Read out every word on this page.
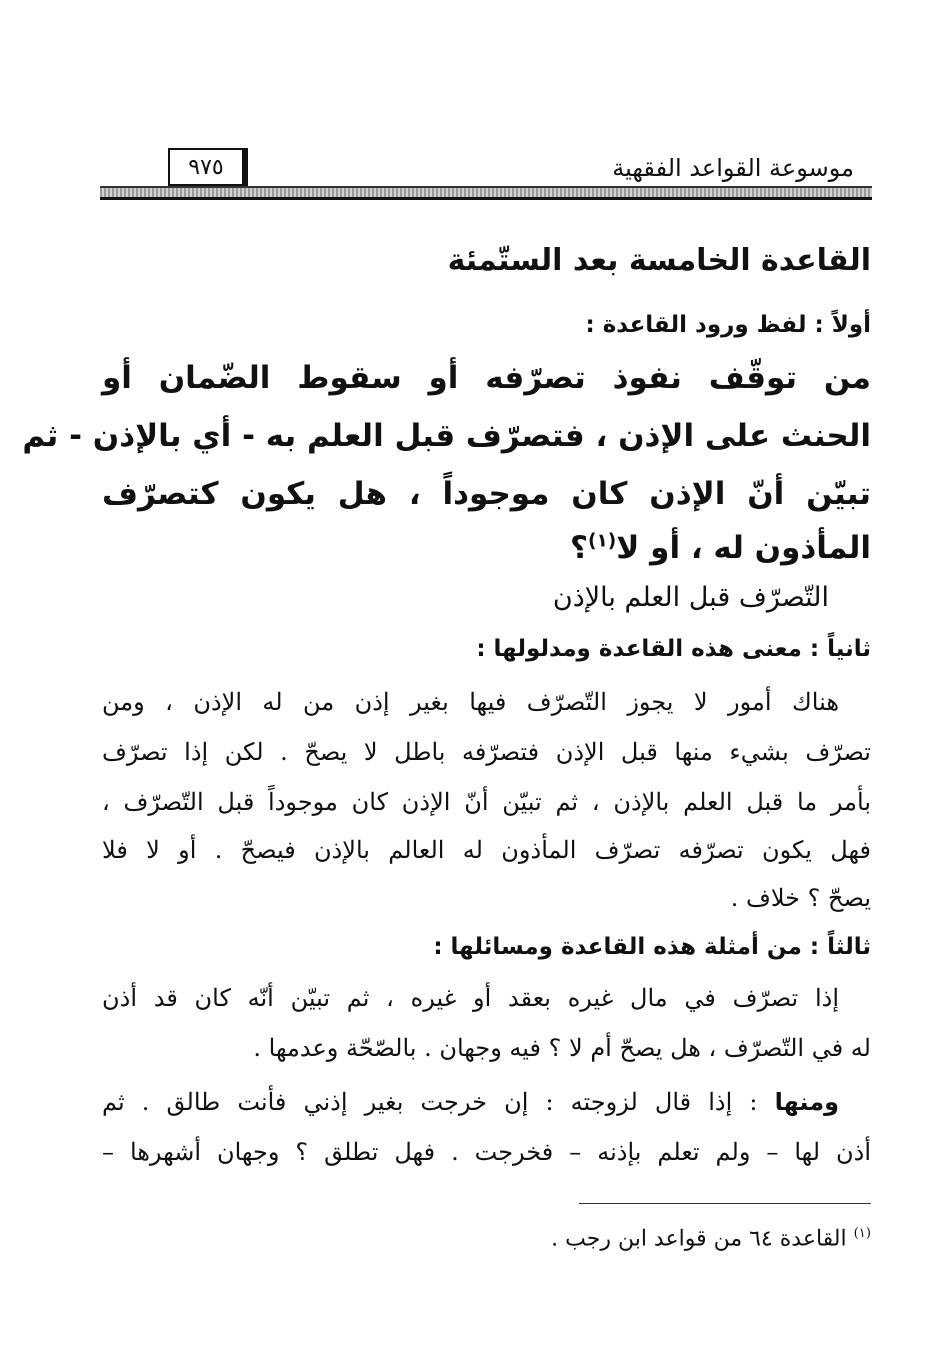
٩٧٥	موسوعة القواعد الفقهية
القاعدة الخامسة بعد الستّمئة
أولاً : لفظ ورود القاعدة :
من توقّف نفوذ تصرّفه أو سقوط الضّمان أو
الحنث على الإذن ، فتصرّف قبل العلم به - أي بالإذن - ثم
تبيّن أنّ الإذن كان موجوداً ، هل يكون كتصرّف
المأذون له ، أو لا$^{(١)}$؟
التّصرّف قبل العلم بالإذن
ثانياً : معنى هذه القاعدة ومدلولها :
هناك أمور لا يجوز التّصرّف فيها بغير إذن من له الإذن ، ومن
تصرّف بشيء منها قبل الإذن فتصرّفه باطل لا يصحّ . لكن إذا تصرّف
بأمر ما قبل العلم بالإذن ، ثم تبيّن أنّ الإذن كان موجوداً قبل التّصرّف ،
فهل يكون تصرّفه تصرّف المأذون له العالم بالإذن فيصحّ . أو لا فلا
يصحّ ؟ خلاف .
ثالثاً : من أمثلة هذه القاعدة ومسائلها :
إذا تصرّف في مال غيره بعقد أو غيره ، ثم تبيّن أنّه كان قد أذن
له في التّصرّف ، هل يصحّ أم لا ؟ فيه وجهان . بالصّحّة وعدمها .
ومنها : إذا قال لزوجته : إن خرجت بغير إذني فأنت طالق . ثم
أذن لها – ولم تعلم بإذنه – فخرجت . فهل تطلق ؟ وجهان أشهرها –
$^{(١)}$ القاعدة ٦٤ من قواعد ابن رجب .
